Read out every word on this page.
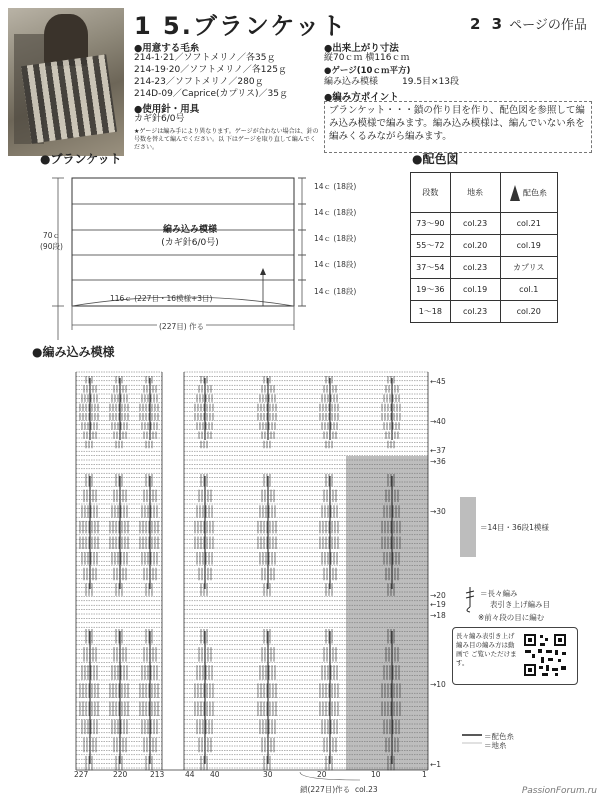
1 5.ブランケット	2 3 ページの作品
●用意する毛糸
214-1·21／ソフトメリノ／各35ｇ
214-19·20／ソフトメリノ／各125ｇ
214-23／ソフトメリノ／280ｇ
214D-09／Caprice(カプリス)／35ｇ
●使用針・用具
カギ針6/0号
★ゲージは編み手により異なります。ゲージが合わない場合は、針の号数を替えて編んでください。以 下はゲージを取り直して編んでください。
●出来上がり寸法
縦70ｃｍ 横116ｃｍ
●ゲージ(10ｃｍ平方)
編み込み模様	19.5目×13段
●編み方ポイント
ブランケット・・・鎖の作り目を作り、配色図を参照して編み込み模様で編みます。編み込み模様は、編んでいない糸を編みくるみながら編みます。
●ブランケット
70ｃ
(90段)
編み込み模様
(カギ針6/0号)
116ｃ (227目・16模様+3目)
(227目) 作る
14ｃ (18段)
14ｃ (18段)
14ｃ (18段)
14ｃ (18段)
14ｃ (18段)
●配色図
段数	地糸	配色糸
73～90	col.23	col.21
55～72	col.20	col.19
37～54	col.23	カプリス
19～36	col.19	col.1
1～18	col.23	col.20
●編み込み模様
←45
→40
←37
→36
→30
→20
←19
→18
→10
←1
227	220	213	44 40	30	20	10	1
鎖(227目)作る col.23
＝14目・36段1模様
＝長々編み
表引き上げ編み目
※前々段の目に編む
長々編み表引き上げ編み目の編み方は動画で ご覧いただけます。
＝配色糸
＝地糸
PassionForum.ru
